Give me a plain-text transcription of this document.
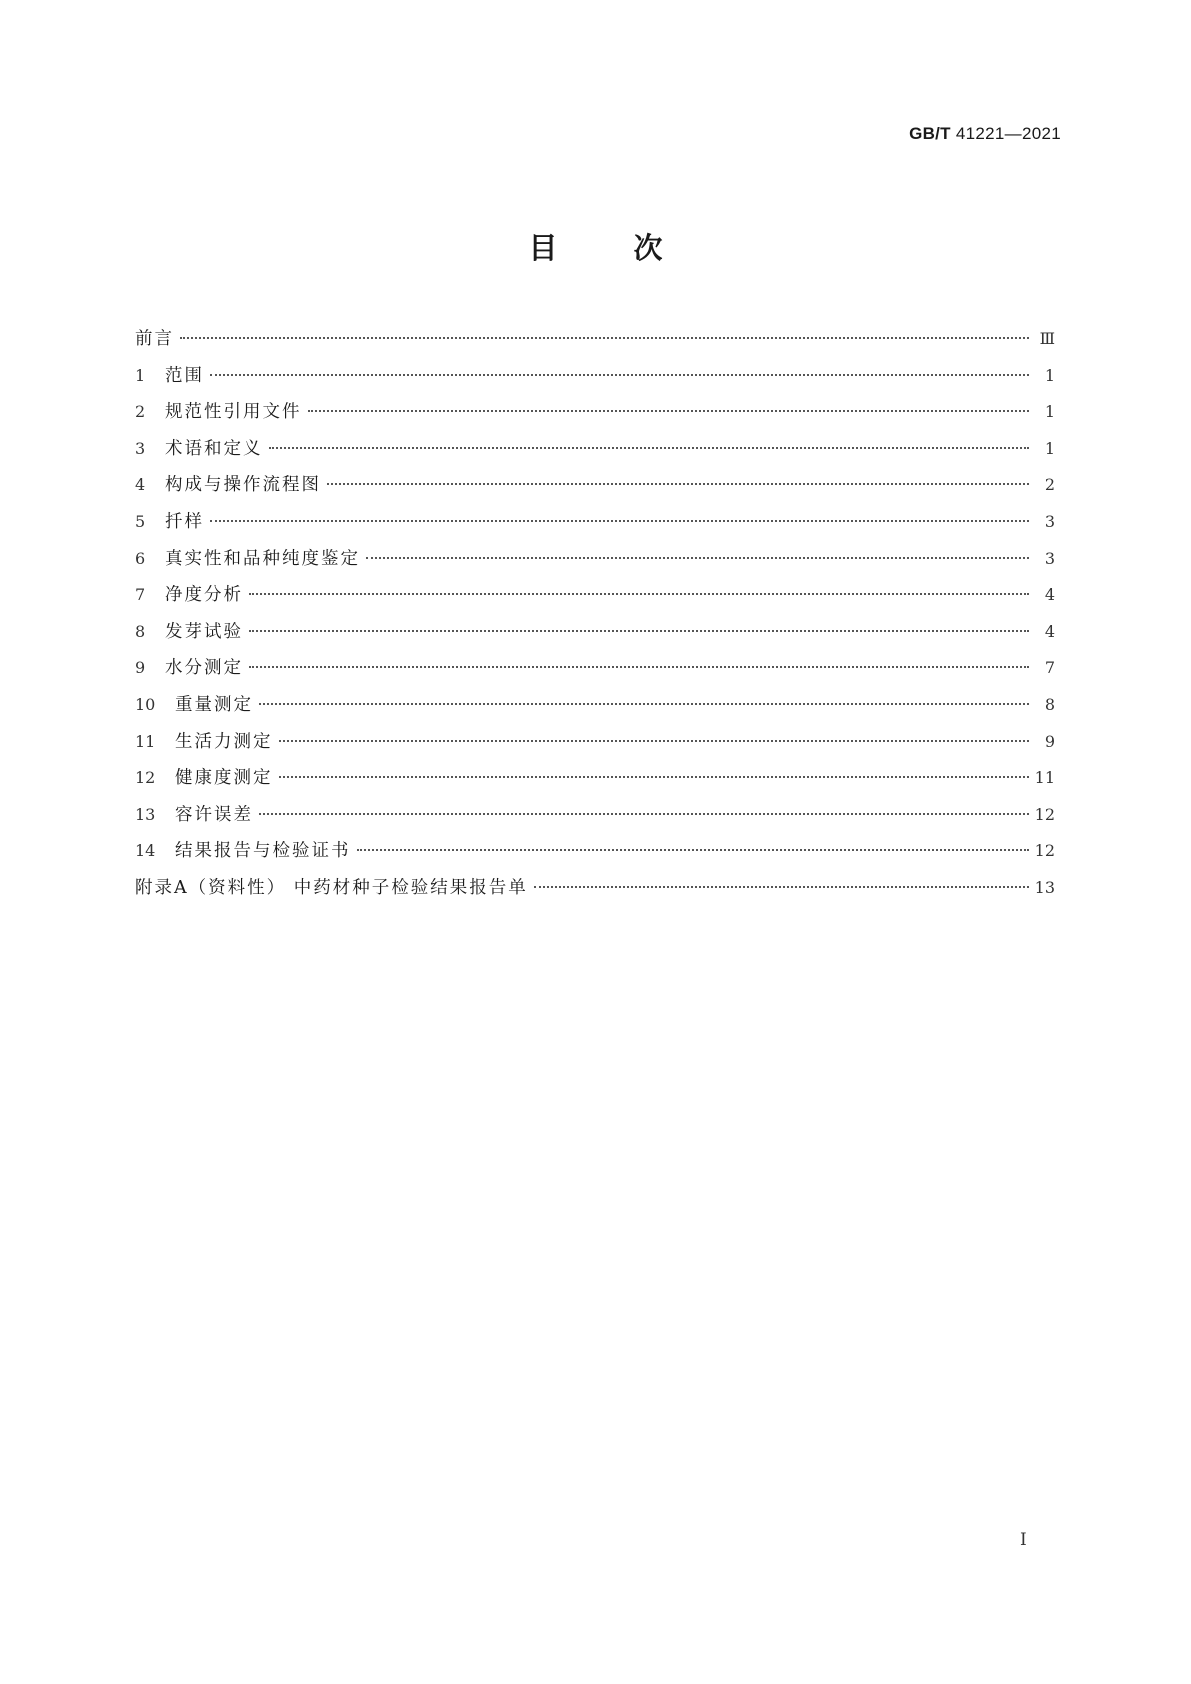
GB/T 41221—2021
目次
前言	Ⅲ
1	范围	1
2	规范性引用文件	1
3	术语和定义	1
4	构成与操作流程图	2
5	扦样	3
6	真实性和品种纯度鉴定	3
7	净度分析	4
8	发芽试验	4
9	水分测定	7
10	重量测定	8
11	生活力测定	9
12	健康度测定	11
13	容许误差	12
14	结果报告与检验证书	12
附录A（资料性） 中药材种子检验结果报告单	13
I
